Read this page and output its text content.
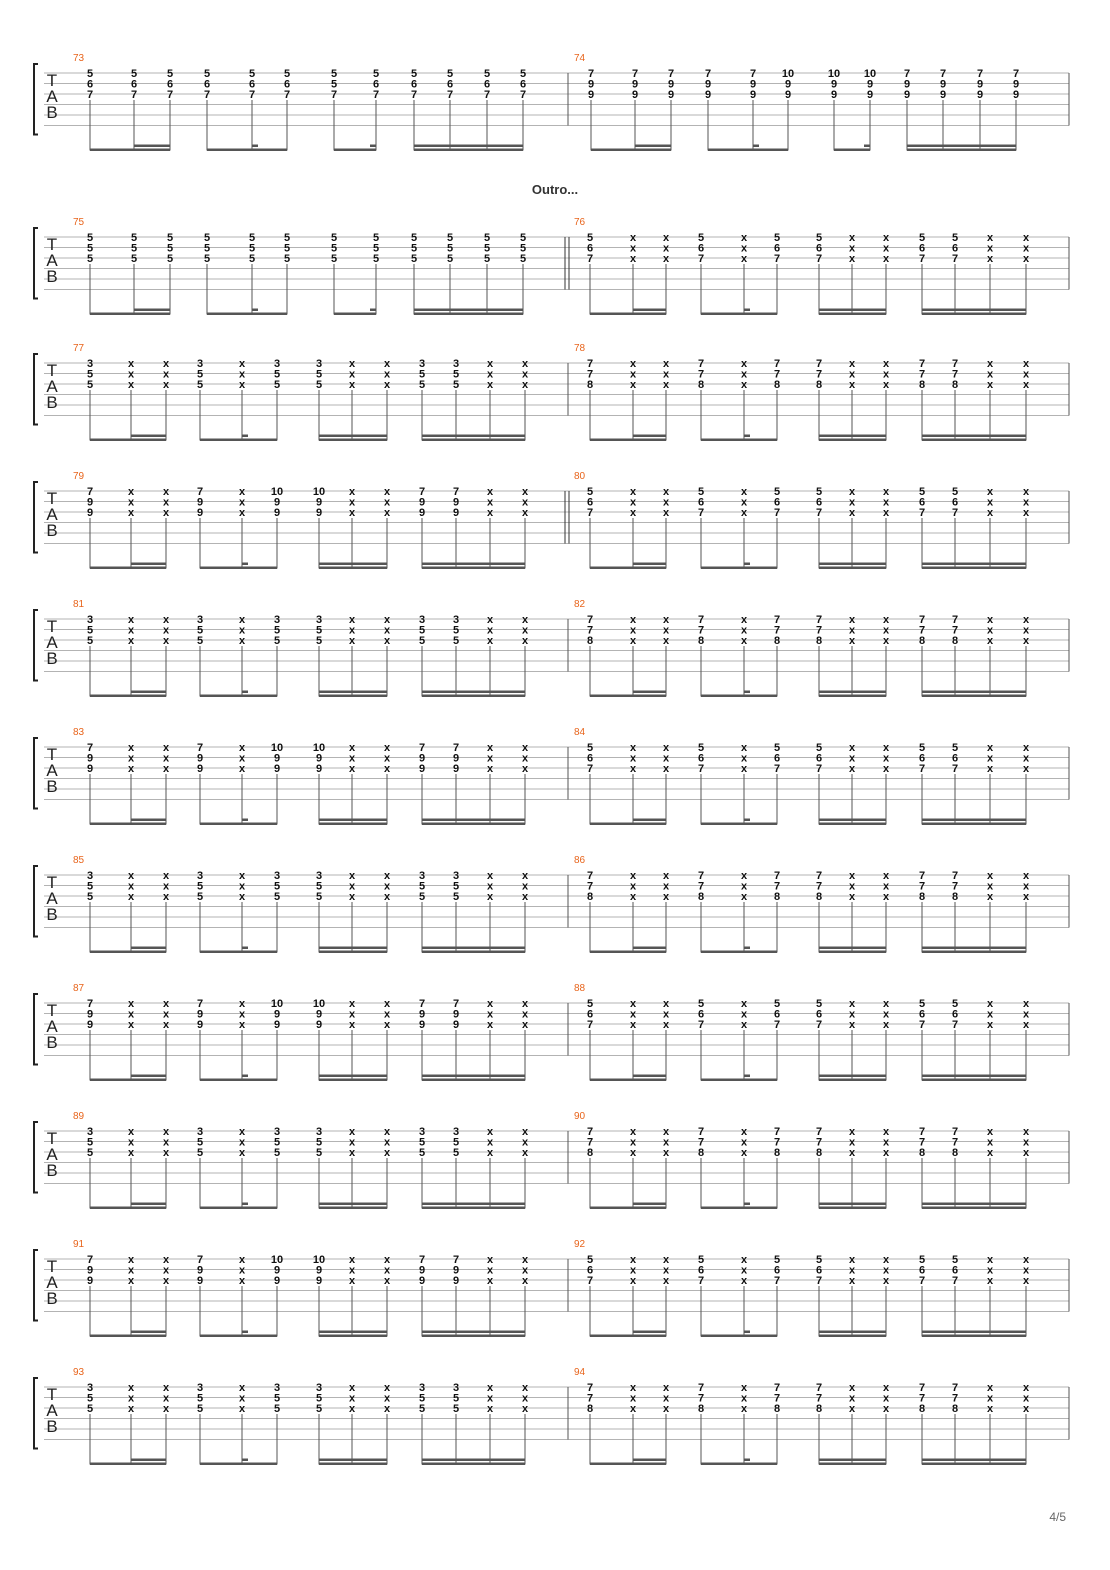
T
A
B
73
5
6
7
5
6
7
5
6
7
5
6
7
5
6
7
5
6
7
5
5
7
5
6
7
5
6
7
5
6
7
5
6
7
5
6
7
74
7
9
9
7
9
9
7
9
9
7
9
9
7
9
9
10
9
9
10
9
9
10
9
9
7
9
9
7
9
9
7
9
9
7
9
9
T
A
B
75
5
5
5
5
5
5
5
5
5
5
5
5
5
5
5
5
5
5
5
5
5
5
5
5
5
5
5
5
5
5
5
5
5
5
5
5
76
5
6
7
x
x
x
x
x
x
5
6
7
x
x
x
5
6
7
5
6
7
x
x
x
x
x
x
5
6
7
5
6
7
x
x
x
x
x
x
T
A
B
77
3
5
5
x
x
x
x
x
x
3
5
5
x
x
x
3
5
5
3
5
5
x
x
x
x
x
x
3
5
5
3
5
5
x
x
x
x
x
x
78
7
7
8
x
x
x
x
x
x
7
7
8
x
x
x
7
7
8
7
7
8
x
x
x
x
x
x
7
7
8
7
7
8
x
x
x
x
x
x
T
A
B
79
7
9
9
x
x
x
x
x
x
7
9
9
x
x
x
10
9
9
10
9
9
x
x
x
x
x
x
7
9
9
7
9
9
x
x
x
x
x
x
80
5
6
7
x
x
x
x
x
x
5
6
7
x
x
x
5
6
7
5
6
7
x
x
x
x
x
x
5
6
7
5
6
7
x
x
x
x
x
x
T
A
B
81
3
5
5
x
x
x
x
x
x
3
5
5
x
x
x
3
5
5
3
5
5
x
x
x
x
x
x
3
5
5
3
5
5
x
x
x
x
x
x
82
7
7
8
x
x
x
x
x
x
7
7
8
x
x
x
7
7
8
7
7
8
x
x
x
x
x
x
7
7
8
7
7
8
x
x
x
x
x
x
T
A
B
83
7
9
9
x
x
x
x
x
x
7
9
9
x
x
x
10
9
9
10
9
9
x
x
x
x
x
x
7
9
9
7
9
9
x
x
x
x
x
x
84
5
6
7
x
x
x
x
x
x
5
6
7
x
x
x
5
6
7
5
6
7
x
x
x
x
x
x
5
6
7
5
6
7
x
x
x
x
x
x
T
A
B
85
3
5
5
x
x
x
x
x
x
3
5
5
x
x
x
3
5
5
3
5
5
x
x
x
x
x
x
3
5
5
3
5
5
x
x
x
x
x
x
86
7
7
8
x
x
x
x
x
x
7
7
8
x
x
x
7
7
8
7
7
8
x
x
x
x
x
x
7
7
8
7
7
8
x
x
x
x
x
x
T
A
B
87
7
9
9
x
x
x
x
x
x
7
9
9
x
x
x
10
9
9
10
9
9
x
x
x
x
x
x
7
9
9
7
9
9
x
x
x
x
x
x
88
5
6
7
x
x
x
x
x
x
5
6
7
x
x
x
5
6
7
5
6
7
x
x
x
x
x
x
5
6
7
5
6
7
x
x
x
x
x
x
T
A
B
89
3
5
5
x
x
x
x
x
x
3
5
5
x
x
x
3
5
5
3
5
5
x
x
x
x
x
x
3
5
5
3
5
5
x
x
x
x
x
x
90
7
7
8
x
x
x
x
x
x
7
7
8
x
x
x
7
7
8
7
7
8
x
x
x
x
x
x
7
7
8
7
7
8
x
x
x
x
x
x
T
A
B
91
7
9
9
x
x
x
x
x
x
7
9
9
x
x
x
10
9
9
10
9
9
x
x
x
x
x
x
7
9
9
7
9
9
x
x
x
x
x
x
92
5
6
7
x
x
x
x
x
x
5
6
7
x
x
x
5
6
7
5
6
7
x
x
x
x
x
x
5
6
7
5
6
7
x
x
x
x
x
x
T
A
B
93
3
5
5
x
x
x
x
x
x
3
5
5
x
x
x
3
5
5
3
5
5
x
x
x
x
x
x
3
5
5
3
5
5
x
x
x
x
x
x
94
7
7
8
x
x
x
x
x
x
7
7
8
x
x
x
7
7
8
7
7
8
x
x
x
x
x
x
7
7
8
7
7
8
x
x
x
x
x
x
Outro...
4/5
